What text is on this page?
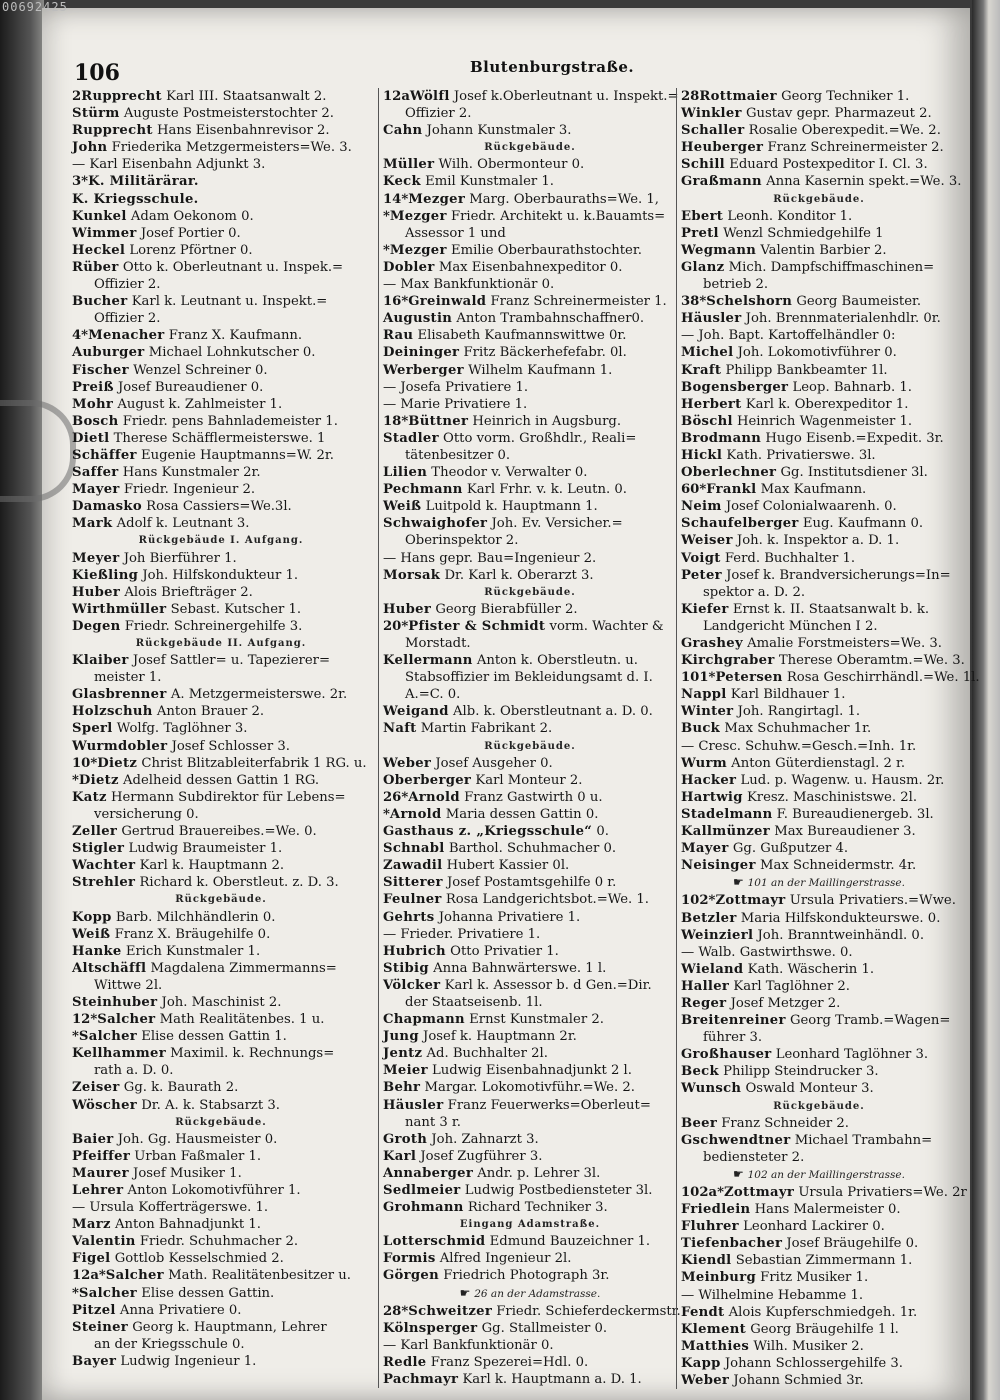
00692425
106	Blutenburgstraße.
2Rupprecht Karl III. Staatsanwalt 2.
Stürm Auguste Postmeisterstochter 2.
Rupprecht Hans Eisenbahnrevisor 2.
John Friederika Metzgermeisters=We. 3.
— Karl Eisenbahn Adjunkt 3.
3*K. Militärärar.
K. Kriegsschule.
Kunkel Adam Oekonom 0.
Wimmer Josef Portier 0.
Heckel Lorenz Pförtner 0.
Rüber Otto k. Oberleutnant u. Inspek.=
Offizier 2.
Bucher Karl k. Leutnant u. Inspekt.=
Offizier 2.
4*Menacher Franz X. Kaufmann.
Auburger Michael Lohnkutscher 0.
Fischer Wenzel Schreiner 0.
Preiß Josef Bureaudiener 0.
Mohr August k. Zahlmeister 1.
Bosch Friedr. pens Bahnlademeister 1.
Dietl Therese Schäfflermeisterswe. 1
Schäffer Eugenie Hauptmanns=W. 2r.
Saffer Hans Kunstmaler 2r.
Mayer Friedr. Ingenieur 2.
Damasko Rosa Cassiers=We.3l.
Mark Adolf k. Leutnant 3.
Rückgebäude I. Aufgang.
Meyer Joh Bierführer 1.
Kießling Joh. Hilfskondukteur 1.
Huber Alois Briefträger 2.
Wirthmüller Sebast. Kutscher 1.
Degen Friedr. Schreinergehilfe 3.
Rückgebäude II. Aufgang.
Klaiber Josef Sattler= u. Tapezierer=
meister 1.
Glasbrenner A. Metzgermeisterswe. 2r.
Holzschuh Anton Brauer 2.
Sperl Wolfg. Taglöhner 3.
Wurmdobler Josef Schlosser 3.
10*Dietz Christ Blitzableiterfabrik 1 RG. u.
*Dietz Adelheid dessen Gattin 1 RG.
Katz Hermann Subdirektor für Lebens=
versicherung 0.
Zeller Gertrud Brauereibes.=We. 0.
Stigler Ludwig Braumeister 1.
Wachter Karl k. Hauptmann 2.
Strehler Richard k. Oberstleut. z. D. 3.
Rückgebäude.
Kopp Barb. Milchhändlerin 0.
Weiß Franz X. Bräugehilfe 0.
Hanke Erich Kunstmaler 1.
Altschäffl Magdalena Zimmermanns=
Wittwe 2l.
Steinhuber Joh. Maschinist 2.
12*Salcher Math Realitätenbes. 1 u.
*Salcher Elise dessen Gattin 1.
Kellhammer Maximil. k. Rechnungs=
rath a. D. 0.
Zeiser Gg. k. Baurath 2.
Wöscher Dr. A. k. Stabsarzt 3.
Rückgebäude.
Baier Joh. Gg. Hausmeister 0.
Pfeiffer Urban Faßmaler 1.
Maurer Josef Musiker 1.
Lehrer Anton Lokomotivführer 1.
— Ursula Kofferträgerswe. 1.
Marz Anton Bahnadjunkt 1.
Valentin Friedr. Schuhmacher 2.
Figel Gottlob Kesselschmied 2.
12a*Salcher Math. Realitätenbesitzer u.
*Salcher Elise dessen Gattin.
Pitzel Anna Privatiere 0.
Steiner Georg k. Hauptmann, Lehrer
an der Kriegsschule 0.
Bayer Ludwig Ingenieur 1.
12aWölfl Josef k.Oberleutnant u. Inspekt.=
Offizier 2.
Cahn Johann Kunstmaler 3.
Rückgebäude.
Müller Wilh. Obermonteur 0.
Keck Emil Kunstmaler 1.
14*Mezger Marg. Oberbauraths=We. 1,
*Mezger Friedr. Architekt u. k.Bauamts=
Assessor 1 und
*Mezger Emilie Oberbaurathstochter.
Dobler Max Eisenbahnexpeditor 0.
— Max Bankfunktionär 0.
16*Greinwald Franz Schreinermeister 1.
Augustin Anton Trambahnschaffner0.
Rau Elisabeth Kaufmannswittwe 0r.
Deininger Fritz Bäckerhefefabr. 0l.
Werberger Wilhelm Kaufmann 1.
— Josefa Privatiere 1.
— Marie Privatiere 1.
18*Büttner Heinrich in Augsburg.
Stadler Otto vorm. Großhdlr., Reali=
tätenbesitzer 0.
Lilien Theodor v. Verwalter 0.
Pechmann Karl Frhr. v. k. Leutn. 0.
Weiß Luitpold k. Hauptmann 1.
Schwaighofer Joh. Ev. Versicher.=
Oberinspektor 2.
— Hans gepr. Bau=Ingenieur 2.
Morsak Dr. Karl k. Oberarzt 3.
Rückgebäude.
Huber Georg Bierabfüller 2.
20*Pfister & Schmidt vorm. Wachter &
Morstadt.
Kellermann Anton k. Oberstleutn. u.
Stabsoffizier im Bekleidungsamt d. I.
A.=C. 0.
Weigand Alb. k. Oberstleutnant a. D. 0.
Naft Martin Fabrikant 2.
Rückgebäude.
Weber Josef Ausgeher 0.
Oberberger Karl Monteur 2.
26*Arnold Franz Gastwirth 0 u.
*Arnold Maria dessen Gattin 0.
Gasthaus z. „Kriegsschule“ 0.
Schnabl Barthol. Schuhmacher 0.
Zawadil Hubert Kassier 0l.
Sitterer Josef Postamtsgehilfe 0 r.
Feulner Rosa Landgerichtsbot.=We. 1.
Gehrts Johanna Privatiere 1.
— Frieder. Privatiere 1.
Hubrich Otto Privatier 1.
Stibig Anna Bahnwärterswe. 1 l.
Völcker Karl k. Assessor b. d Gen.=Dir.
der Staatseisenb. 1l.
Chapmann Ernst Kunstmaler 2.
Jung Josef k. Hauptmann 2r.
Jentz Ad. Buchhalter 2l.
Meier Ludwig Eisenbahnadjunkt 2 l.
Behr Margar. Lokomotivführ.=We. 2.
Häusler Franz Feuerwerks=Oberleut=
nant 3 r.
Groth Joh. Zahnarzt 3.
Karl Josef Zugführer 3.
Annaberger Andr. p. Lehrer 3l.
Sedlmeier Ludwig Postbediensteter 3l.
Grohmann Richard Techniker 3.
Eingang Adamstraße.
Lotterschmid Edmund Bauzeichner 1.
Formis Alfred Ingenieur 2l.
Görgen Friedrich Photograph 3r.
☛ 26 an der Adamstrasse.
28*Schweitzer Friedr. Schieferdeckermstr.
Kölnsperger Gg. Stallmeister 0.
— Karl Bankfunktionär 0.
Redle Franz Spezerei=Hdl. 0.
Pachmayr Karl k. Hauptmann a. D. 1.
28Rottmaier Georg Techniker 1.
Winkler Gustav gepr. Pharmazeut 2.
Schaller Rosalie Oberexpedit.=We. 2.
Heuberger Franz Schreinermeister 2.
Schill Eduard Postexpeditor I. Cl. 3.
Graßmann Anna Kasernin spekt.=We. 3.
Rückgebäude.
Ebert Leonh. Konditor 1.
Pretl Wenzl Schmiedgehilfe 1
Wegmann Valentin Barbier 2.
Glanz Mich. Dampfschiffmaschinen=
betrieb 2.
38*Schelshorn Georg Baumeister.
Häusler Joh. Brennmaterialenhdlr. 0r.
— Joh. Bapt. Kartoffelhändler 0:
Michel Joh. Lokomotivführer 0.
Kraft Philipp Bankbeamter 1l.
Bogensberger Leop. Bahnarb. 1.
Herbert Karl k. Oberexpeditor 1.
Böschl Heinrich Wagenmeister 1.
Brodmann Hugo Eisenb.=Expedit. 3r.
Hickl Kath. Privatierswe. 3l.
Oberlechner Gg. Institutsdiener 3l.
60*Frankl Max Kaufmann.
Neim Josef Colonialwaarenh. 0.
Schaufelberger Eug. Kaufmann 0.
Weiser Joh. k. Inspektor a. D. 1.
Voigt Ferd. Buchhalter 1.
Peter Josef k. Brandversicherungs=In=
spektor a. D. 2.
Kiefer Ernst k. II. Staatsanwalt b. k.
Landgericht München I 2.
Grashey Amalie Forstmeisters=We. 3.
Kirchgraber Therese Oberamtm.=We. 3.
101*Petersen Rosa Geschirrhändl.=We. 1l.
Nappl Karl Bildhauer 1.
Winter Joh. Rangirtagl. 1.
Buck Max Schuhmacher 1r.
— Cresc. Schuhw.=Gesch.=Inh. 1r.
Wurm Anton Güterdienstagl. 2 r.
Hacker Lud. p. Wagenw. u. Hausm. 2r.
Hartwig Kresz. Maschinistswe. 2l.
Stadelmann F. Bureaudienergeb. 3l.
Kallmünzer Max Bureaudiener 3.
Mayer Gg. Gußputzer 4.
Neisinger Max Schneidermstr. 4r.
☛ 101 an der Maillingerstrasse.
102*Zottmayr Ursula Privatiers.=Wwe.
Betzler Maria Hilfskondukteurswe. 0.
Weinzierl Joh. Branntweinhändl. 0.
— Walb. Gastwirthswe. 0.
Wieland Kath. Wäscherin 1.
Haller Karl Taglöhner 2.
Reger Josef Metzger 2.
Breitenreiner Georg Tramb.=Wagen=
führer 3.
Großhauser Leonhard Taglöhner 3.
Beck Philipp Steindrucker 3.
Wunsch Oswald Monteur 3.
Rückgebäude.
Beer Franz Schneider 2.
Gschwendtner Michael Trambahn=
bediensteter 2.
☛ 102 an der Maillingerstrasse.
102a*Zottmayr Ursula Privatiers=We. 2r
Friedlein Hans Malermeister 0.
Fluhrer Leonhard Lackirer 0.
Tiefenbacher Josef Bräugehilfe 0.
Kiendl Sebastian Zimmermann 1.
Meinburg Fritz Musiker 1.
— Wilhelmine Hebamme 1.
Fendt Alois Kupferschmiedgeh. 1r.
Klement Georg Bräugehilfe 1 l.
Matthies Wilh. Musiker 2.
Kapp Johann Schlossergehilfe 3.
Weber Johann Schmied 3r.
